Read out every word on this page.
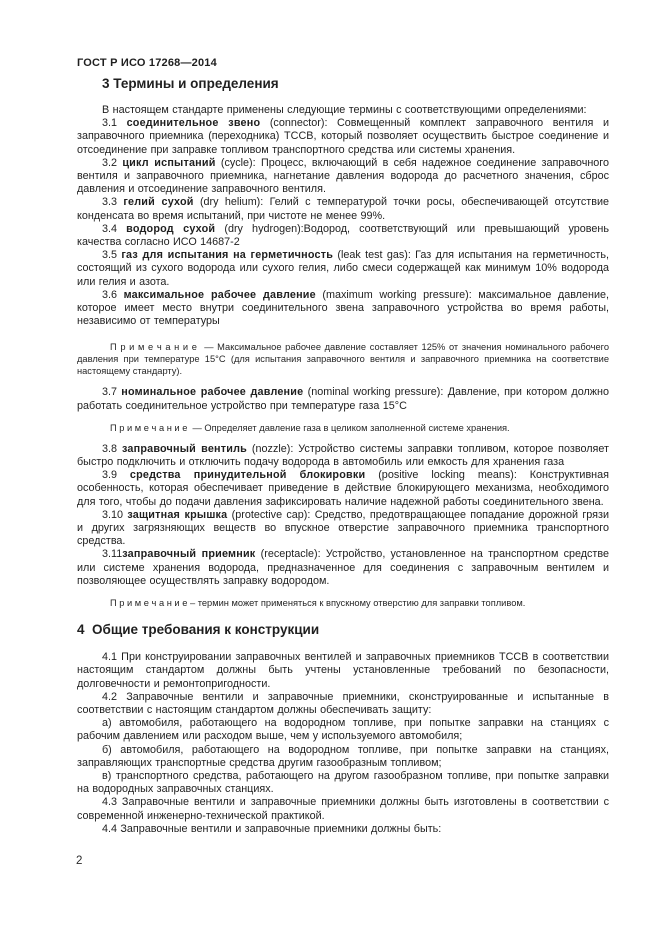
ГОСТ Р ИСО 17268—2014

3 Термины и определения

В настоящем стандарте применены следующие термины с соответствующими определениями:

3.1 соединительное звено (connector): Совмещенный комплект заправочного вентиля и заправочного приемника (переходника) ТССВ, который позволяет осуществить быстрое соединение и отсоединение при заправке топливом транспортного средства или системы хранения.

3.2 цикл испытаний (cycle): Процесс, включающий в себя надежное соединение заправочного вентиля и заправочного приемника, нагнетание давления водорода до расчетного значения, сброс давления и отсоединение заправочного вентиля.

3.3 гелий сухой (dry helium): Гелий с температурой точки росы, обеспечивающей отсутствие конденсата во время испытаний, при чистоте не менее 99%.

3.4 водород сухой (dry hydrogen):Водород, соответствующий или превышающий уровень качества согласно ИСО 14687-2

3.5 газ для испытания на герметичность (leak test gas): Газ для испытания на герметичность, состоящий из сухого водорода или сухого гелия, либо смеси содержащей как минимум 10% водорода или гелия и азота.

3.6 максимальное рабочее давление (maximum working pressure): максимальное давление, которое имеет место внутри соединительного звена заправочного устройства во время работы, независимо от температуры

П р и м е ч а н и е  — Максимальное рабочее давление составляет 125% от значения номинального рабочего давления при температуре 15°С (для испытания заправочного вентиля и заправочного приемника на соответствие настоящему стандарту).

3.7 номинальное рабочее давление (nominal working pressure): Давление, при котором должно работать соединительное устройство при температуре газа 15°С

П р и м е ч а н и е  — Определяет давление газа в целиком заполненной системе хранения.

3.8 заправочный вентиль (nozzle): Устройство системы заправки топливом, которое позволяет быстро подключить и отключить подачу водорода в автомобиль или емкость для хранения газа

3.9 средства принудительной блокировки (positive locking means): Конструктивная особенность, которая обеспечивает приведение в действие блокирующего механизма, необходимого для того, чтобы до подачи давления зафиксировать наличие надежной работы соединительного звена.

3.10 защитная крышка (protective cap): Средство, предотвращающее попадание дорожной грязи и других загрязняющих веществ во впускное отверстие заправочного приемника транспортного средства.

3.11заправочный приемник (receptacle): Устройство, установленное на транспортном средстве или системе хранения водорода, предназначенное для соединения с заправочным вентилем и позволяющее осуществлять заправку водородом.

П р и м е ч а н и е – термин может применяться к впускному отверстию для заправки топливом.

4  Общие требования к конструкции

4.1 При конструировании заправочных вентилей и заправочных приемников ТССВ в соответствии настоящим стандартом должны быть учтены установленные требований по безопасности, долговечности и ремонтопригодности.

4.2 Заправочные вентили и заправочные приемники, сконструированные и испытанные в соответствии с настоящим стандартом должны обеспечивать защиту:

а) автомобиля, работающего на водородном топливе, при попытке заправки на станциях с рабочим давлением или расходом выше, чем у используемого автомобиля;

б) автомобиля, работающего на водородном топливе, при попытке заправки на станциях, заправляющих транспортные средства другим газообразным топливом;

в) транспортного средства, работающего на другом газообразном топливе, при попытке заправки на водородных заправочных станциях.

4.3 Заправочные вентили и заправочные приемники должны быть изготовлены в соответствии с современной инженерно-технической практикой.

4.4 Заправочные вентили и заправочные приемники должны быть:

2
